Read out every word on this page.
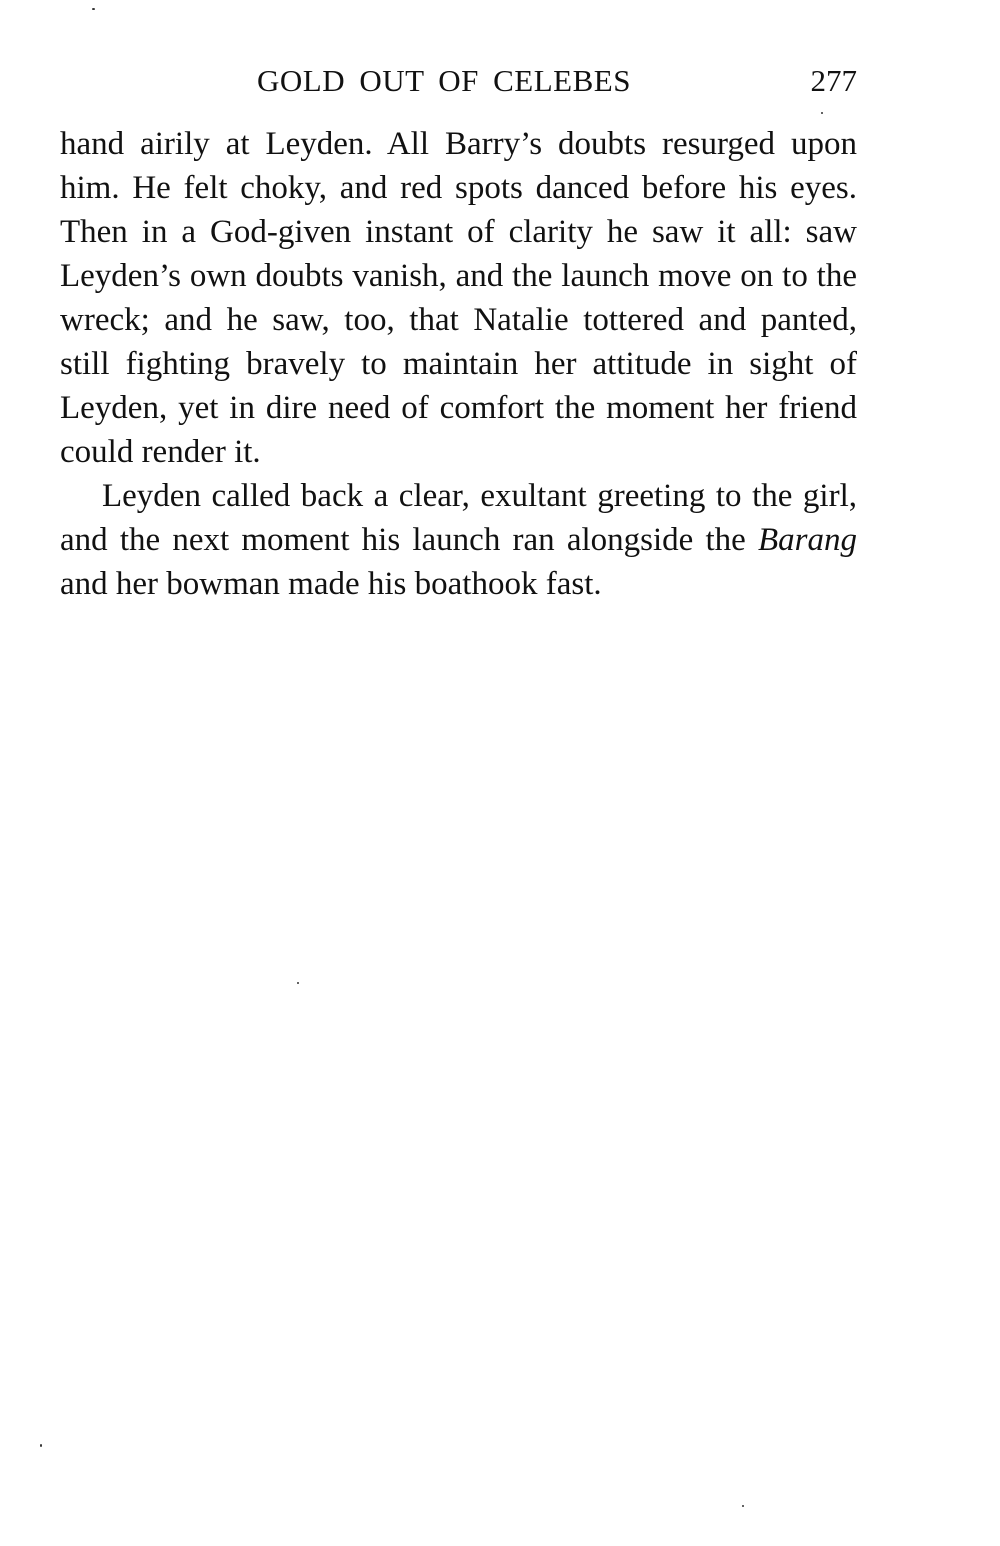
GOLD OUT OF CELEBES	277

hand airily at Leyden. All Barry’s doubts resurged upon him. He felt choky, and red spots danced before his eyes. Then in a God-given instant of clarity he saw it all: saw Leyden’s own doubts vanish, and the launch move on to the wreck; and he saw, too, that Natalie tottered and panted, still fighting bravely to maintain her attitude in sight of Leyden, yet in dire need of comfort the moment her friend could render it.

Leyden called back a clear, exultant greeting to the girl, and the next moment his launch ran alongside the Barang and her bowman made his boathook fast.
